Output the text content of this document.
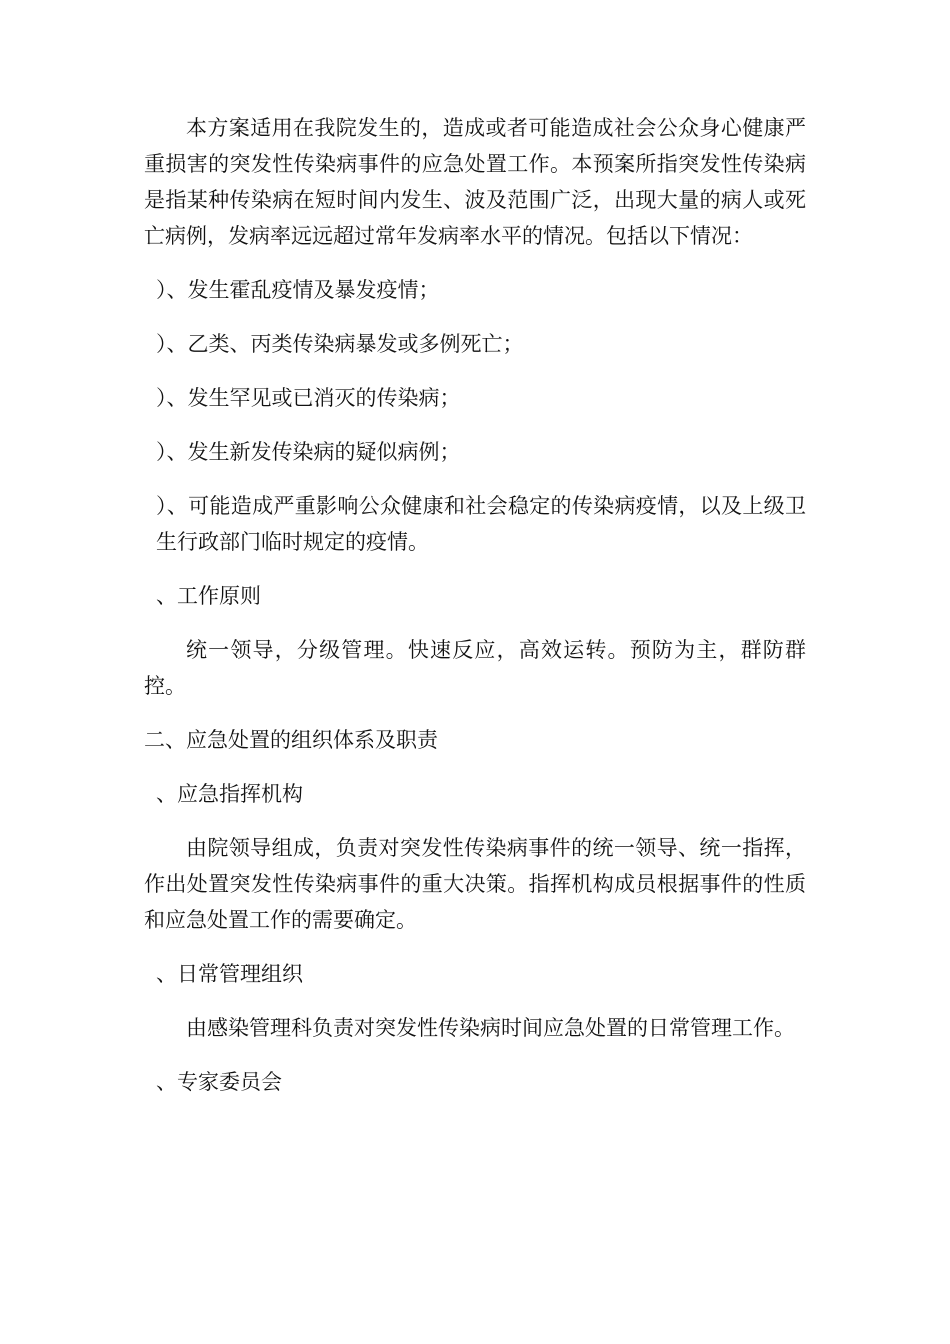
本方案适用在我院发生的，造成或者可能造成社会公众身心健康严重损害的突发性传染病事件的应急处置工作。本预案所指突发性传染病是指某种传染病在短时间内发生、波及范围广泛，出现大量的病人或死亡病例，发病率远远超过常年发病率水平的情况。包括以下情况：

）、发生霍乱疫情及暴发疫情；

）、乙类、丙类传染病暴发或多例死亡；

）、发生罕见或已消灭的传染病；

）、发生新发传染病的疑似病例；

）、可能造成严重影响公众健康和社会稳定的传染病疫情，以及上级卫生行政部门临时规定的疫情。

、工作原则

统一领导，分级管理。快速反应，高效运转。预防为主，群防群控。

二、应急处置的组织体系及职责

、应急指挥机构

由院领导组成，负责对突发性传染病事件的统一领导、统一指挥，作出处置突发性传染病事件的重大决策。指挥机构成员根据事件的性质和应急处置工作的需要确定。

、日常管理组织

由感染管理科负责对突发性传染病时间应急处置的日常管理工作。

、专家委员会
